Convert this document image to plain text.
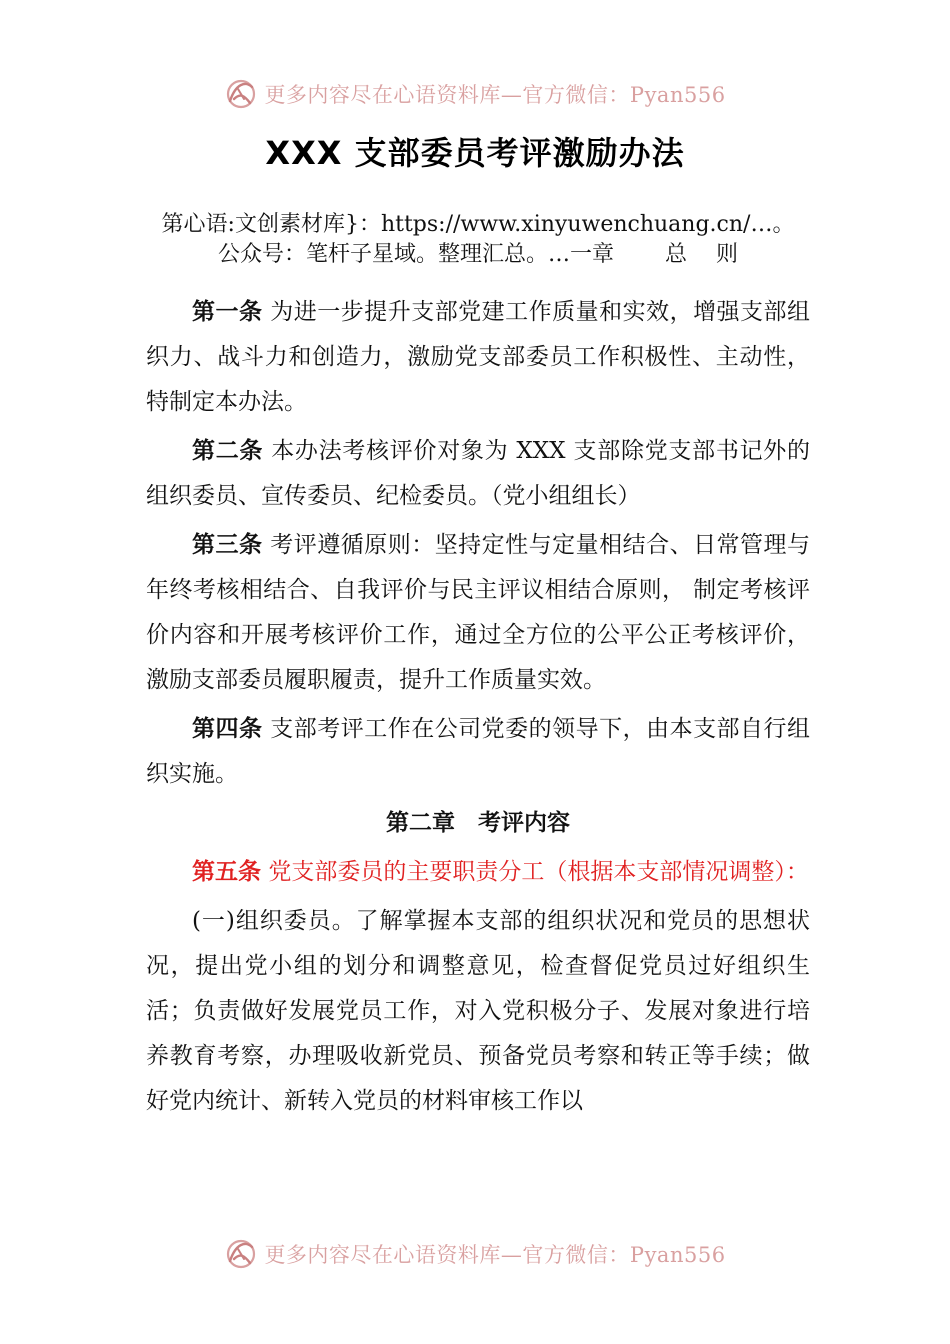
更多内容尽在心语资料库—官方微信：Pyan556
XXX 支部委员考评激励办法
第心语:文创素材库}：https://www.xinyuwenchuang.cn/…。
公众号：笔杆子星域。整理汇总。…一章　　 总　 则

第一条 为进一步提升支部党建工作质量和实效，增强支部组织力、战斗力和创造力，激励党支部委员工作积极性、主动性，特制定本办法。

第二条 本办法考核评价对象为 XXX 支部除党支部书记外的组织委员、宣传委员、纪检委员。（党小组组长）

第三条 考评遵循原则：坚持定性与定量相结合、日常管理与年终考核相结合、自我评价与民主评议相结合原则， 制定考核评价内容和开展考核评价工作，通过全方位的公平公正考核评价，激励支部委员履职履责，提升工作质量实效。

第四条 支部考评工作在公司党委的领导下，由本支部自行组织实施。

第二章　考评内容

第五条 党支部委员的主要职责分工（根据本支部情况调整）：

(一)组织委员。了解掌握本支部的组织状况和党员的思想状况，提出党小组的划分和调整意见，检查督促党员过好组织生活；负责做好发展党员工作，对入党积极分子、发展对象进行培养教育考察，办理吸收新党员、预备党员考察和转正等手续；做好党内统计、新转入党员的材料审核工作以

更多内容尽在心语资料库—官方微信：Pyan556
